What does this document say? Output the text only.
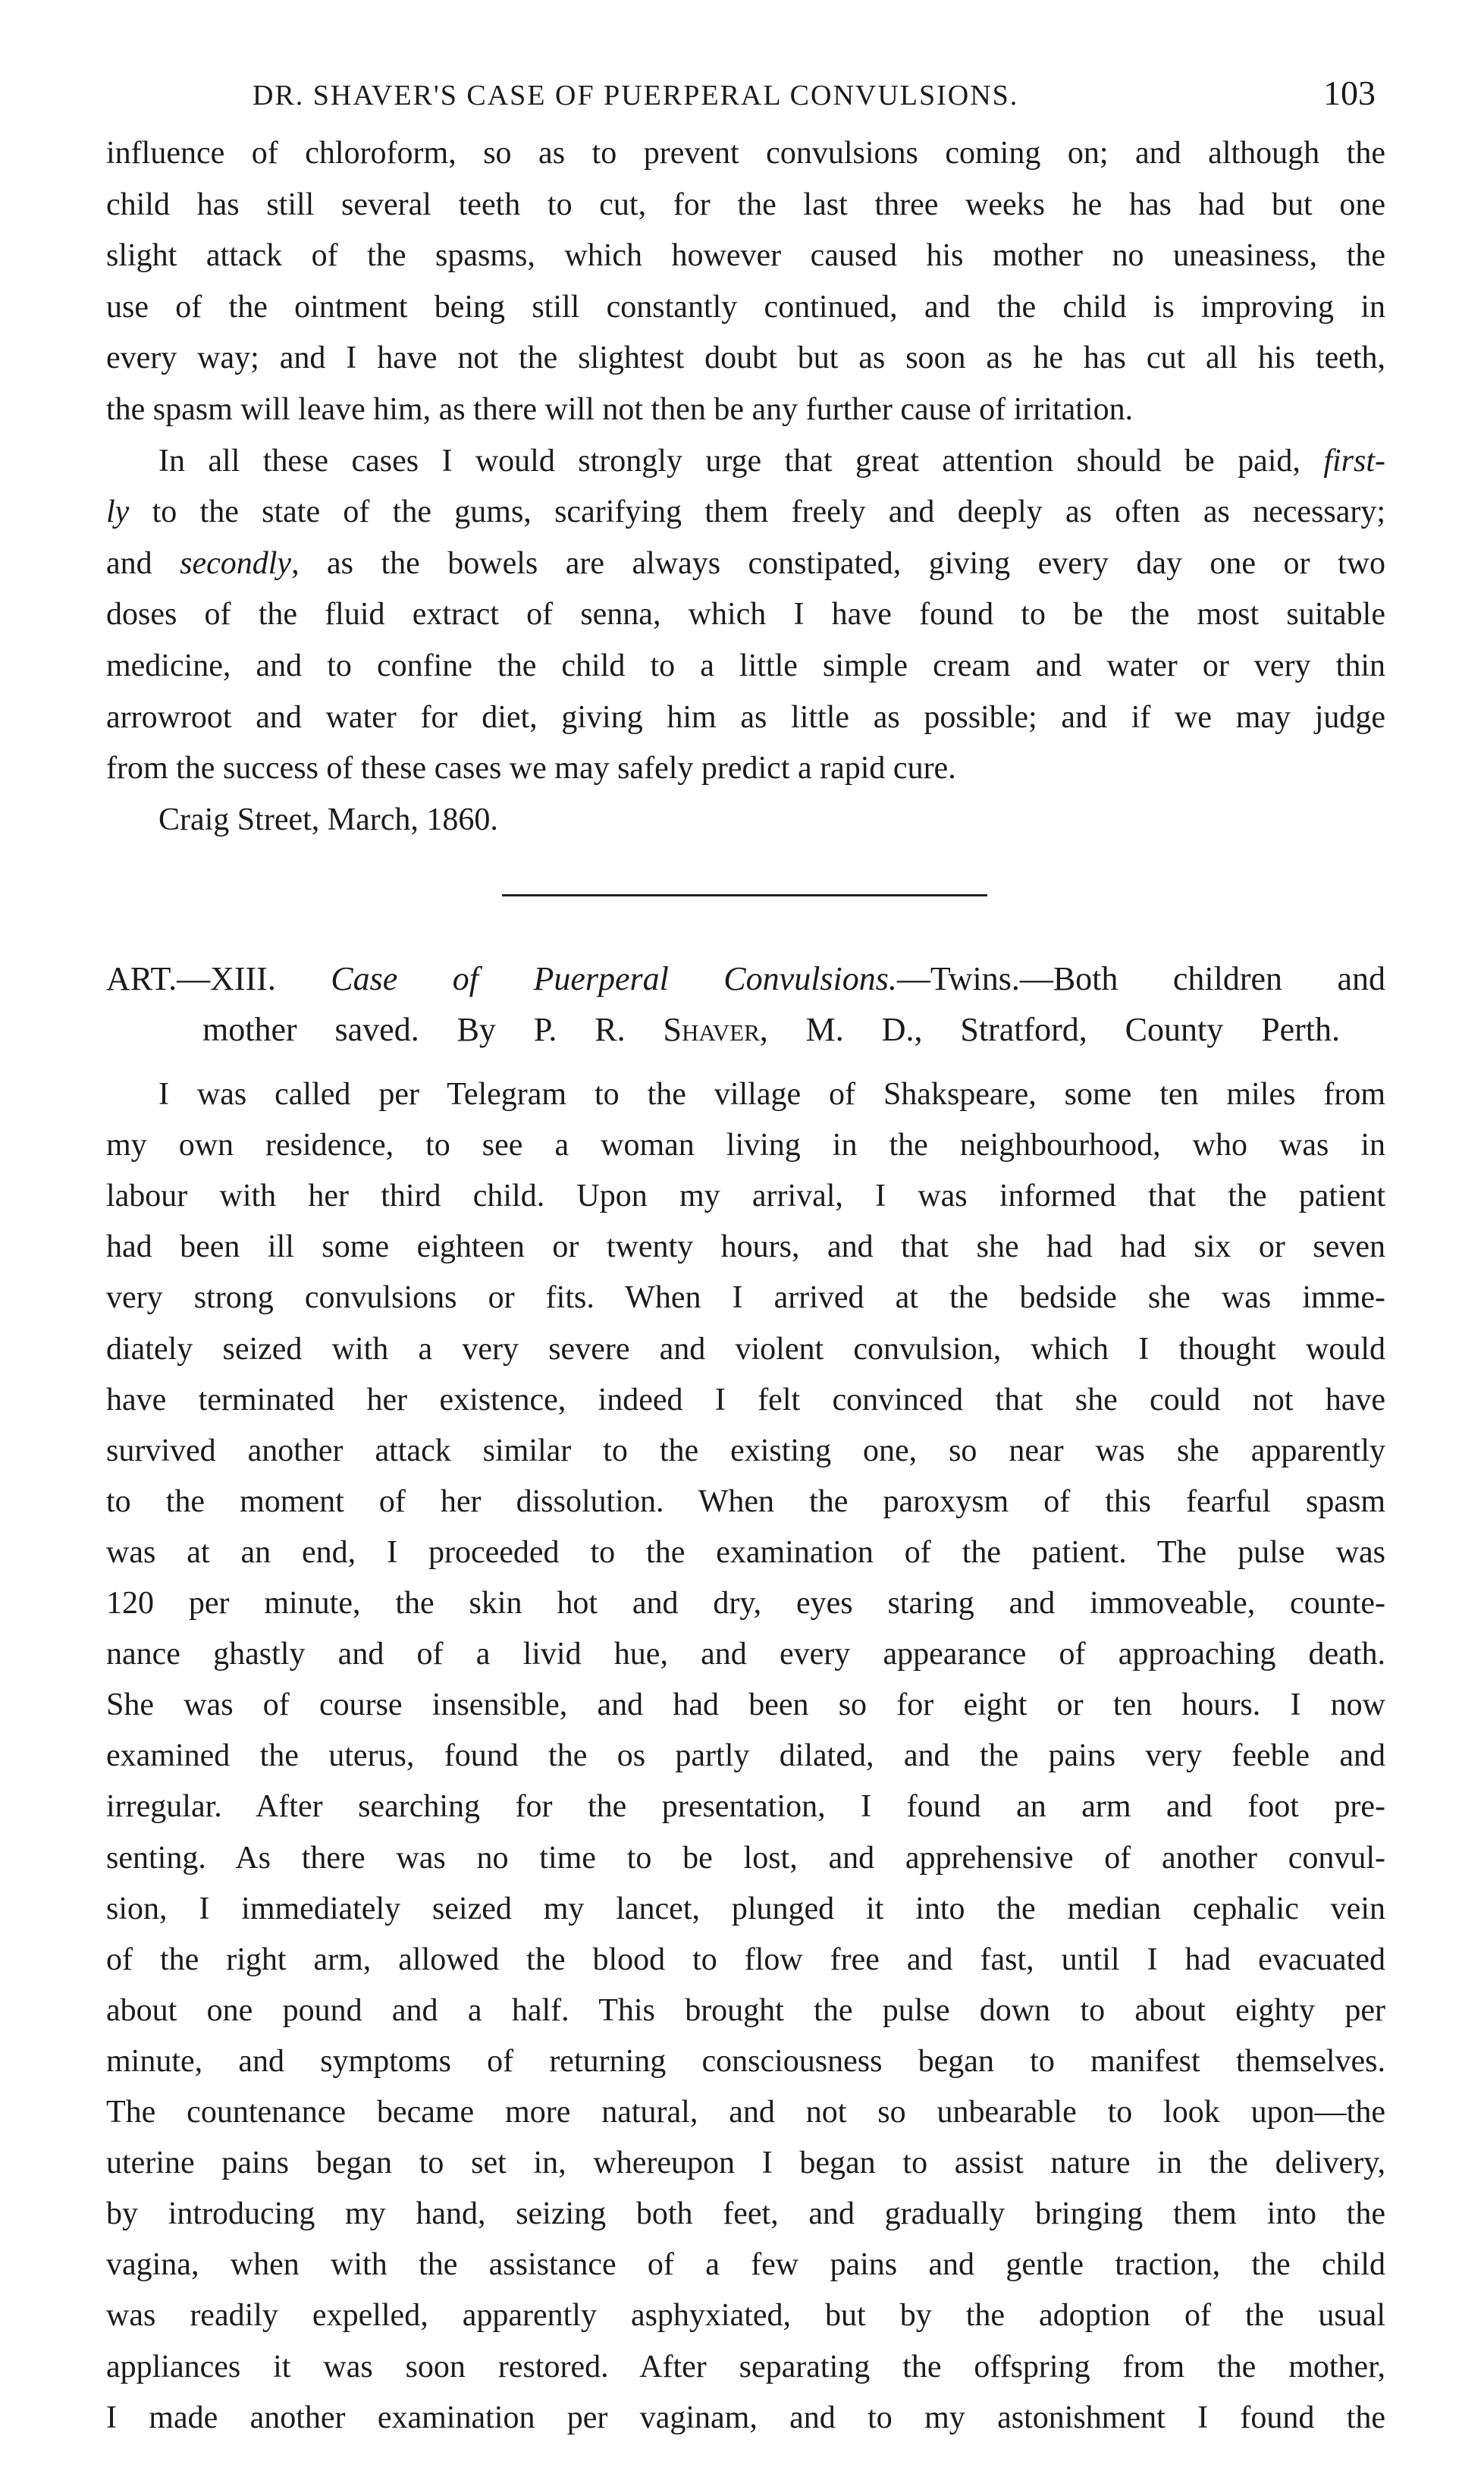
DR. SHAVER'S CASE OF PUERPERAL CONVULSIONS.	103
influence of chloroform, so as to prevent convulsions coming on; and although the
child has still several teeth to cut, for the last three weeks he has had but one
slight attack of the spasms, which however caused his mother no uneasiness, the
use of the ointment being still constantly continued, and the child is improving in
every way; and I have not the slightest doubt but as soon as he has cut all his teeth,
the spasm will leave him, as there will not then be any further cause of irritation.
In all these cases I would strongly urge that great attention should be paid, first-
ly to the state of the gums, scarifying them freely and deeply as often as necessary;
and secondly, as the bowels are always constipated, giving every day one or two
doses of the fluid extract of senna, which I have found to be the most suitable
medicine, and to confine the child to a little simple cream and water or very thin
arrowroot and water for diet, giving him as little as possible; and if we may judge
from the success of these cases we may safely predict a rapid cure.
Craig Street, March, 1860.
ART.—XIII. Case of Puerperal Convulsions.—Twins.—Both children and
mother saved. By P. R. Shaver, M. D., Stratford, County Perth.
I was called per Telegram to the village of Shakspeare, some ten miles from
my own residence, to see a woman living in the neighbourhood, who was in
labour with her third child. Upon my arrival, I was informed that the patient
had been ill some eighteen or twenty hours, and that she had had six or seven
very strong convulsions or fits. When I arrived at the bedside she was imme-
diately seized with a very severe and violent convulsion, which I thought would
have terminated her existence, indeed I felt convinced that she could not have
survived another attack similar to the existing one, so near was she apparently
to the moment of her dissolution. When the paroxysm of this fearful spasm
was at an end, I proceeded to the examination of the patient. The pulse was
120 per minute, the skin hot and dry, eyes staring and immoveable, counte-
nance ghastly and of a livid hue, and every appearance of approaching death.
She was of course insensible, and had been so for eight or ten hours. I now
examined the uterus, found the os partly dilated, and the pains very feeble and
irregular. After searching for the presentation, I found an arm and foot pre-
senting. As there was no time to be lost, and apprehensive of another convul-
sion, I immediately seized my lancet, plunged it into the median cephalic vein
of the right arm, allowed the blood to flow free and fast, until I had evacuated
about one pound and a half. This brought the pulse down to about eighty per
minute, and symptoms of returning consciousness began to manifest themselves.
The countenance became more natural, and not so unbearable to look upon—the
uterine pains began to set in, whereupon I began to assist nature in the delivery,
by introducing my hand, seizing both feet, and gradually bringing them into the
vagina, when with the assistance of a few pains and gentle traction, the child
was readily expelled, apparently asphyxiated, but by the adoption of the usual
appliances it was soon restored. After separating the offspring from the mother,
I made another examination per vaginam, and to my astonishment I found the
